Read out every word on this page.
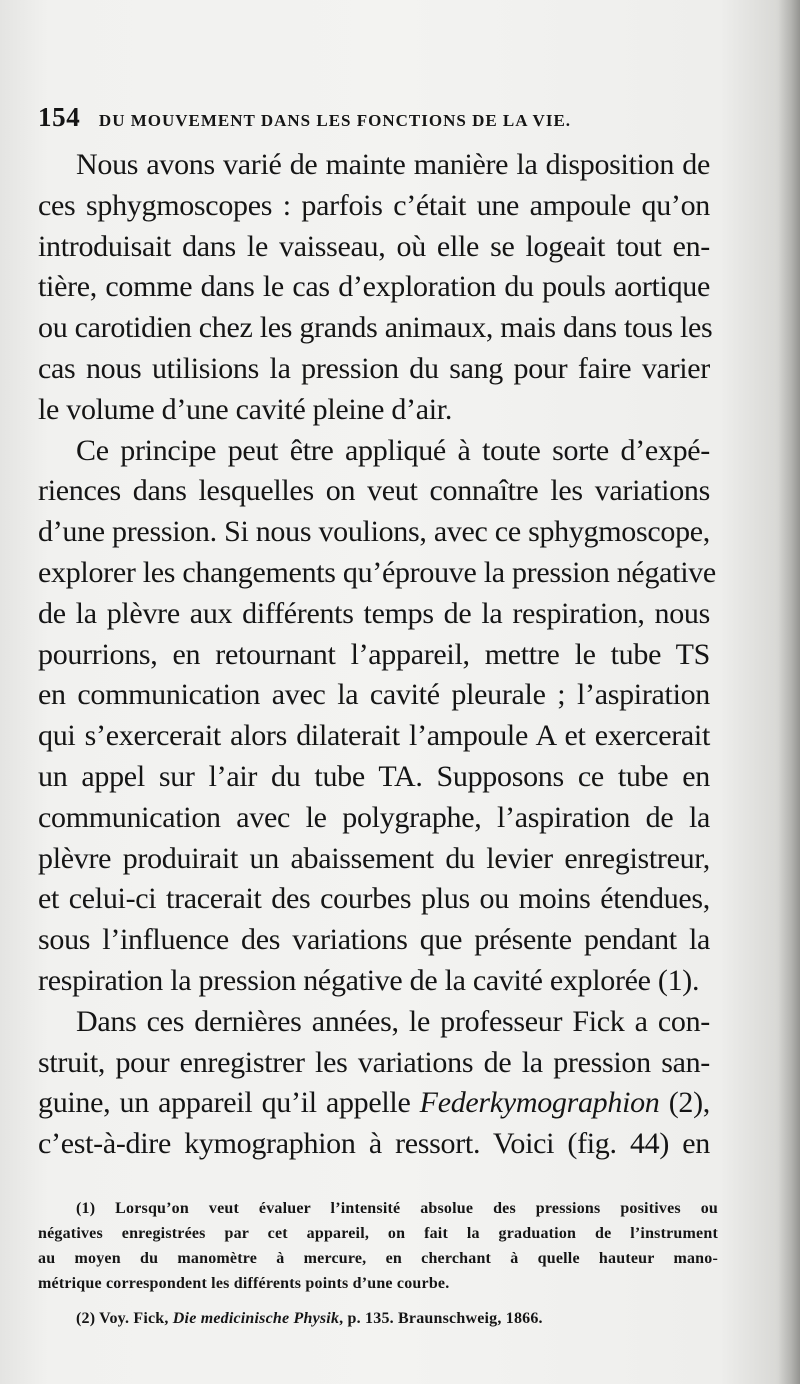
154 DU MOUVEMENT DANS LES FONCTIONS DE LA VIE.
Nous avons varié de mainte manière la disposition de
ces sphygmoscopes : parfois c’était une ampoule qu’on
introduisait dans le vaisseau, où elle se logeait tout en-
tière, comme dans le cas d’exploration du pouls aortique
ou carotidien chez les grands animaux, mais dans tous les
cas nous utilisions la pression du sang pour faire varier
le volume d’une cavité pleine d’air.
Ce principe peut être appliqué à toute sorte d’expé-
riences dans lesquelles on veut connaître les variations
d’une pression. Si nous voulions, avec ce sphygmoscope,
explorer les changements qu’éprouve la pression négative
de la plèvre aux différents temps de la respiration, nous
pourrions, en retournant l’appareil, mettre le tube TS
en communication avec la cavité pleurale ; l’aspiration
qui s’exercerait alors dilaterait l’ampoule A et exercerait
un appel sur l’air du tube TA. Supposons ce tube en
communication avec le polygraphe, l’aspiration de la
plèvre produirait un abaissement du levier enregistreur,
et celui-ci tracerait des courbes plus ou moins étendues,
sous l’influence des variations que présente pendant la
respiration la pression négative de la cavité explorée (1).
Dans ces dernières années, le professeur Fick a con-
struit, pour enregistrer les variations de la pression san-
guine, un appareil qu’il appelle Federkymographion (2),
c’est-à-dire kymographion à ressort. Voici (fig. 44) en
(1) Lorsqu’on veut évaluer l’intensité absolue des pressions positives ou
négatives enregistrées par cet appareil, on fait la graduation de l’instrument
au moyen du manomètre à mercure, en cherchant à quelle hauteur mano-
métrique correspondent les différents points d’une courbe.
(2) Voy. Fick, Die medicinische Physik, p. 135. Braunschweig, 1866.
